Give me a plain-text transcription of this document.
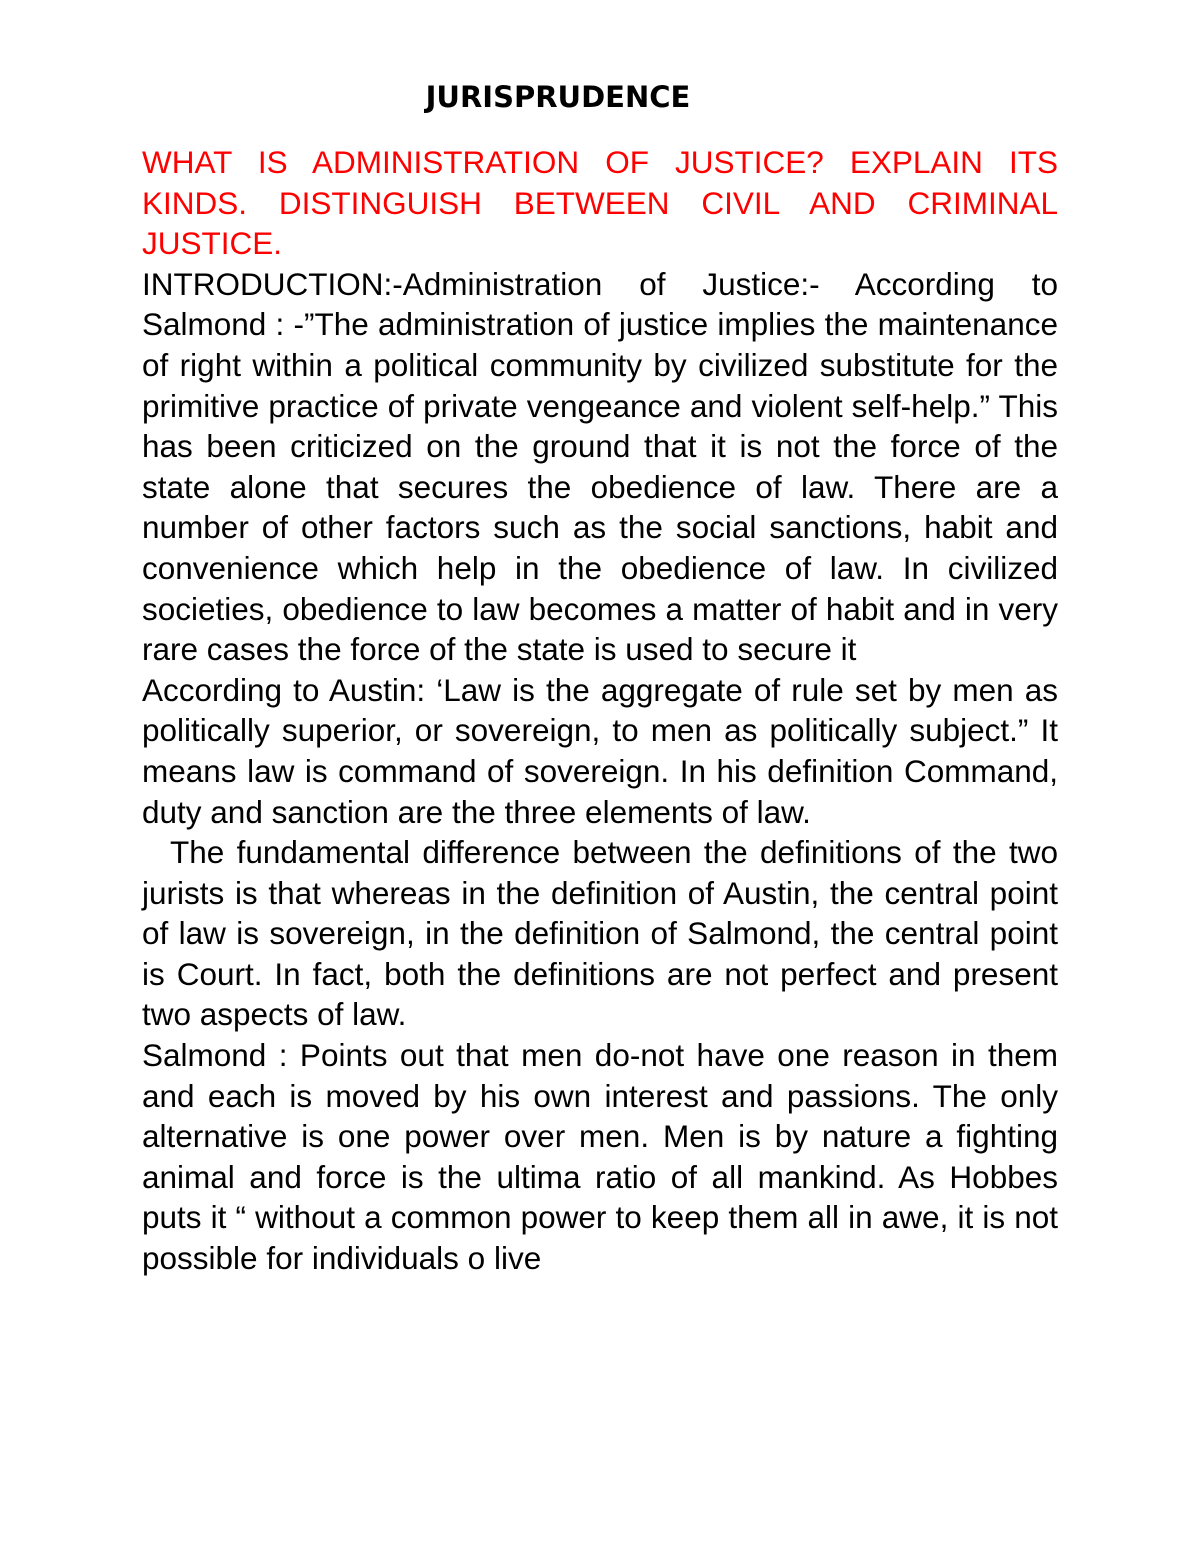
JURISPRUDENCE

WHAT IS ADMINISTRATION OF JUSTICE? EXPLAIN ITS KINDS. DISTINGUISH BETWEEN CIVIL AND CRIMINAL JUSTICE.

INTRODUCTION:-Administration of Justice:- According to Salmond : -”The administration of justice implies the maintenance of right within a political community by civilized substitute for the primitive practice of private vengeance and violent self-help.” This has been criticized on the ground that it is not the force of the state alone that secures the obedience of law. There are a number of other factors such as the social sanctions, habit and convenience which help in the obedience of law. In civilized societies, obedience to law becomes a matter of habit and in very rare cases the force of the state is used to secure it

According to Austin: ‘Law is the aggregate of rule set by men as politically superior, or sovereign, to men as politically subject.” It means law is command of sovereign. In his definition Command, duty and sanction are the three elements of law.

The fundamental difference between the definitions of the two jurists is that whereas in the definition of Austin, the central point of law is sovereign, in the definition of Salmond, the central point is Court. In fact, both the definitions are not perfect and present two aspects of law.

Salmond : Points out that men do-not have one reason in them and each is moved by his own interest and passions. The only alternative is one power over men. Men is by nature a fighting animal and force is the ultima ratio of all mankind. As Hobbes puts it “ without a common power to keep them all in awe, it is not possible for individuals o live
